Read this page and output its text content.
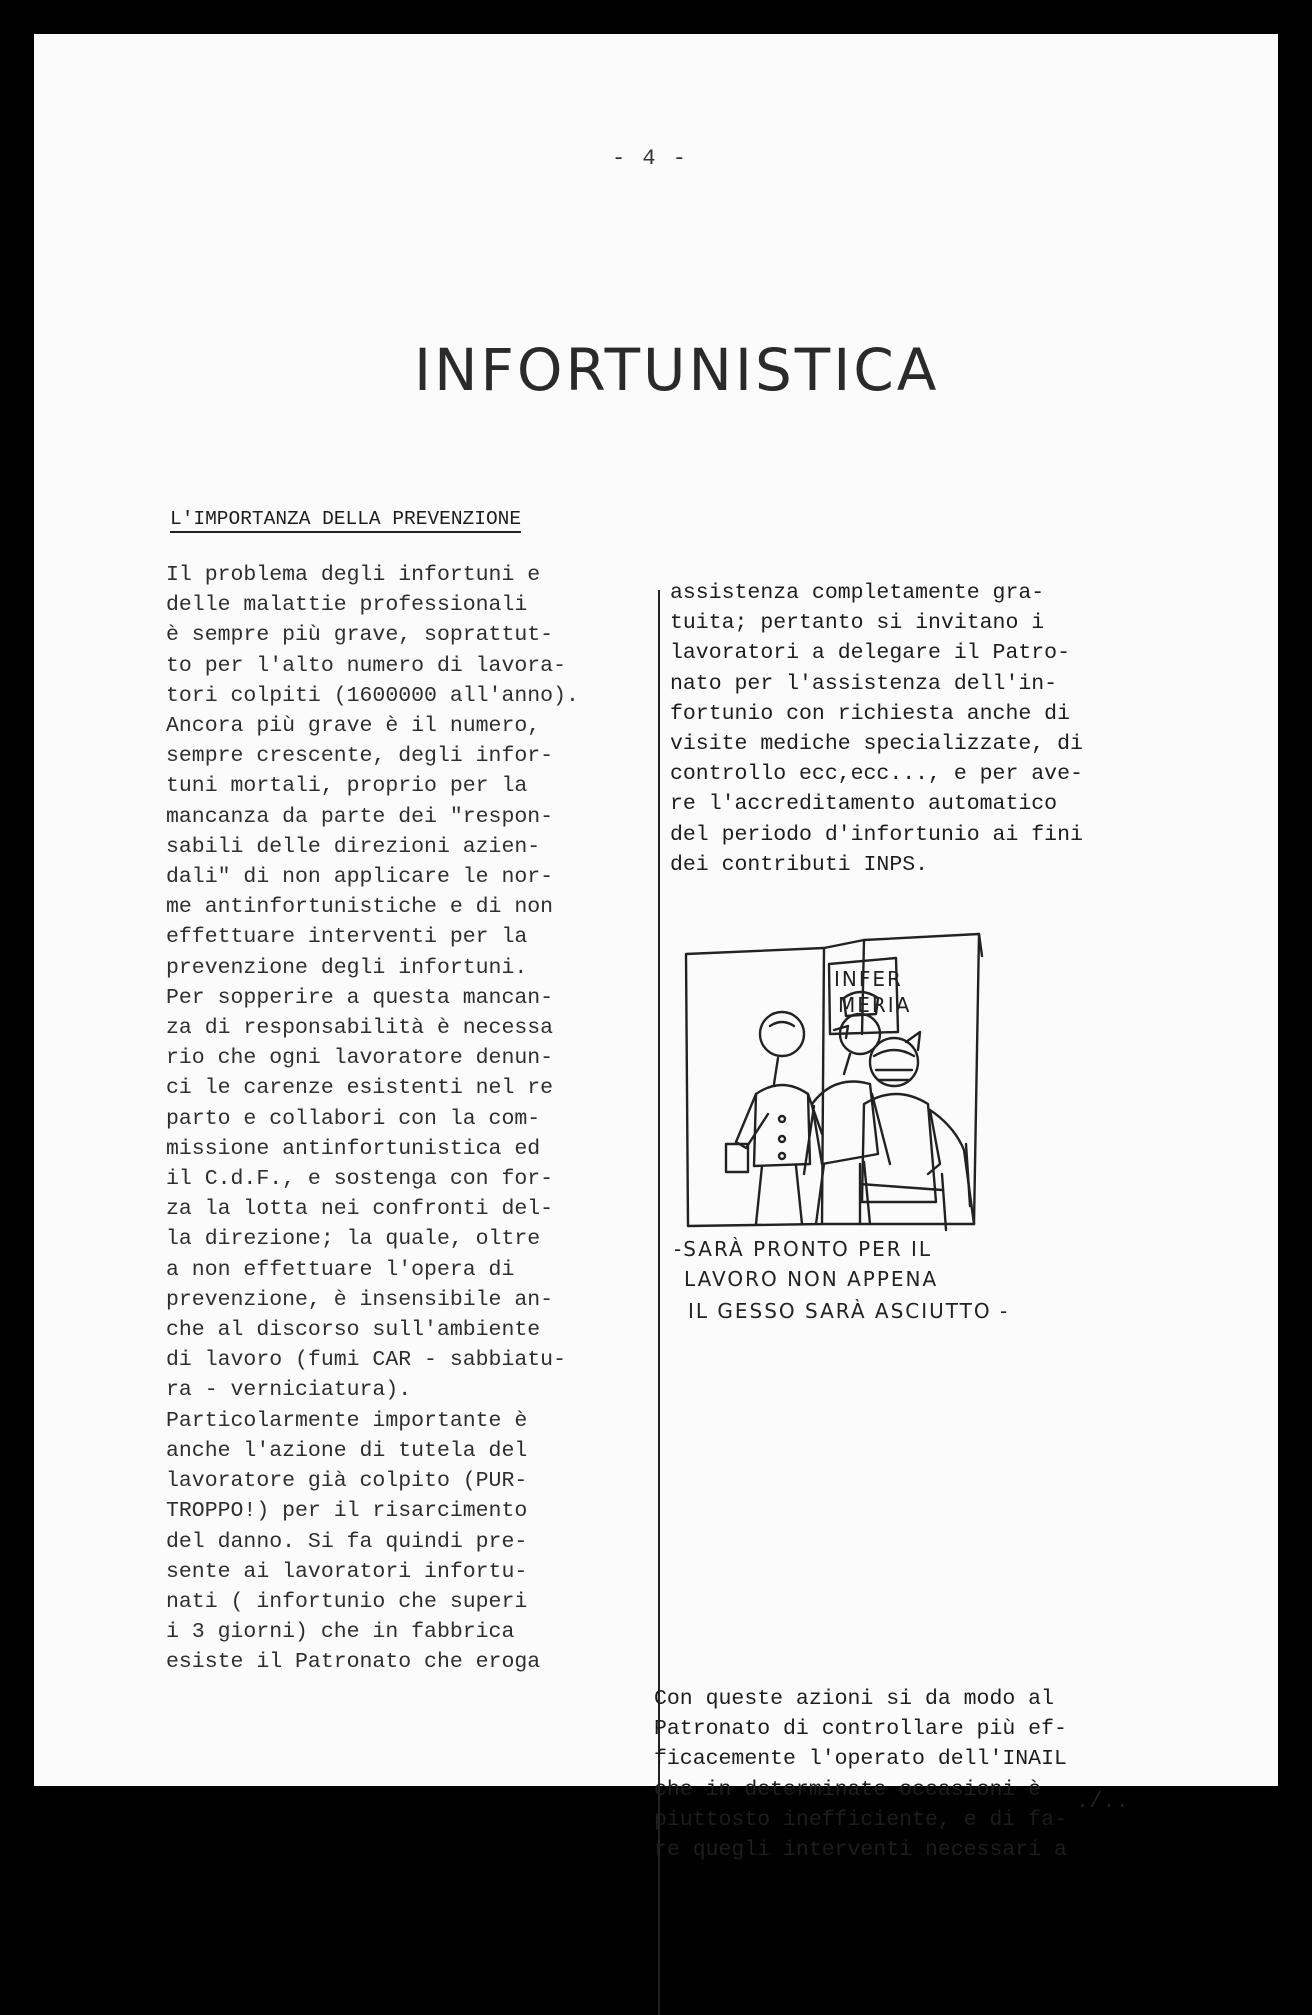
- 4 -
INFORTUNISTICA
L'IMPORTANZA DELLA PREVENZIONE
Il problema degli infortuni e
delle malattie professionali
è sempre più grave, soprattut-
to per l'alto numero di lavora-
tori colpiti (1600000 all'anno).
Ancora più grave è il numero,
sempre crescente, degli infor-
tuni mortali, proprio per la
mancanza da parte dei "respon-
sabili delle direzioni azien-
dali" di non applicare le nor-
me antinfortunistiche e di non
effettuare interventi per la
prevenzione degli infortuni.
Per sopperire a questa mancan-
za di responsabilità è necessa
rio che ogni lavoratore denun-
ci le carenze esistenti nel re
parto e collabori con la com-
missione antinfortunistica ed
il C.d.F., e sostenga con for-
za la lotta nei confronti del-
la direzione; la quale, oltre
a non effettuare l'opera di
prevenzione, è insensibile an-
che al discorso sull'ambiente
di lavoro (fumi CAR - sabbiatu-
ra - verniciatura).
Particolarmente importante è
anche l'azione di tutela del
lavoratore già colpito (PUR-
TROPPO!) per il risarcimento
del danno. Si fa quindi pre-
sente ai lavoratori infortu-
nati ( infortunio che superi
i 3 giorni) che in fabbrica
esiste il Patronato che eroga
assistenza completamente gra-
tuita; pertanto si invitano i
lavoratori a delegare il Patro-
nato per l'assistenza dell'in-
fortunio con richiesta anche di
visite mediche specializzate, di
controllo ecc,ecc..., e per ave-
re l'accreditamento automatico
del periodo d'infortunio ai fini
dei contributi INPS.
INFER
MERIA
-SARÀ PRONTO PER IL
LAVORO NON APPENA
IL GESSO SARÀ ASCIUTTO -
Con queste azioni si da modo al
Patronato di controllare più ef-
ficacemente l'operato dell'INAIL
che in determinate occasioni è
piuttosto inefficiente, e di fa-
re quegli interventi necessari a
./..
